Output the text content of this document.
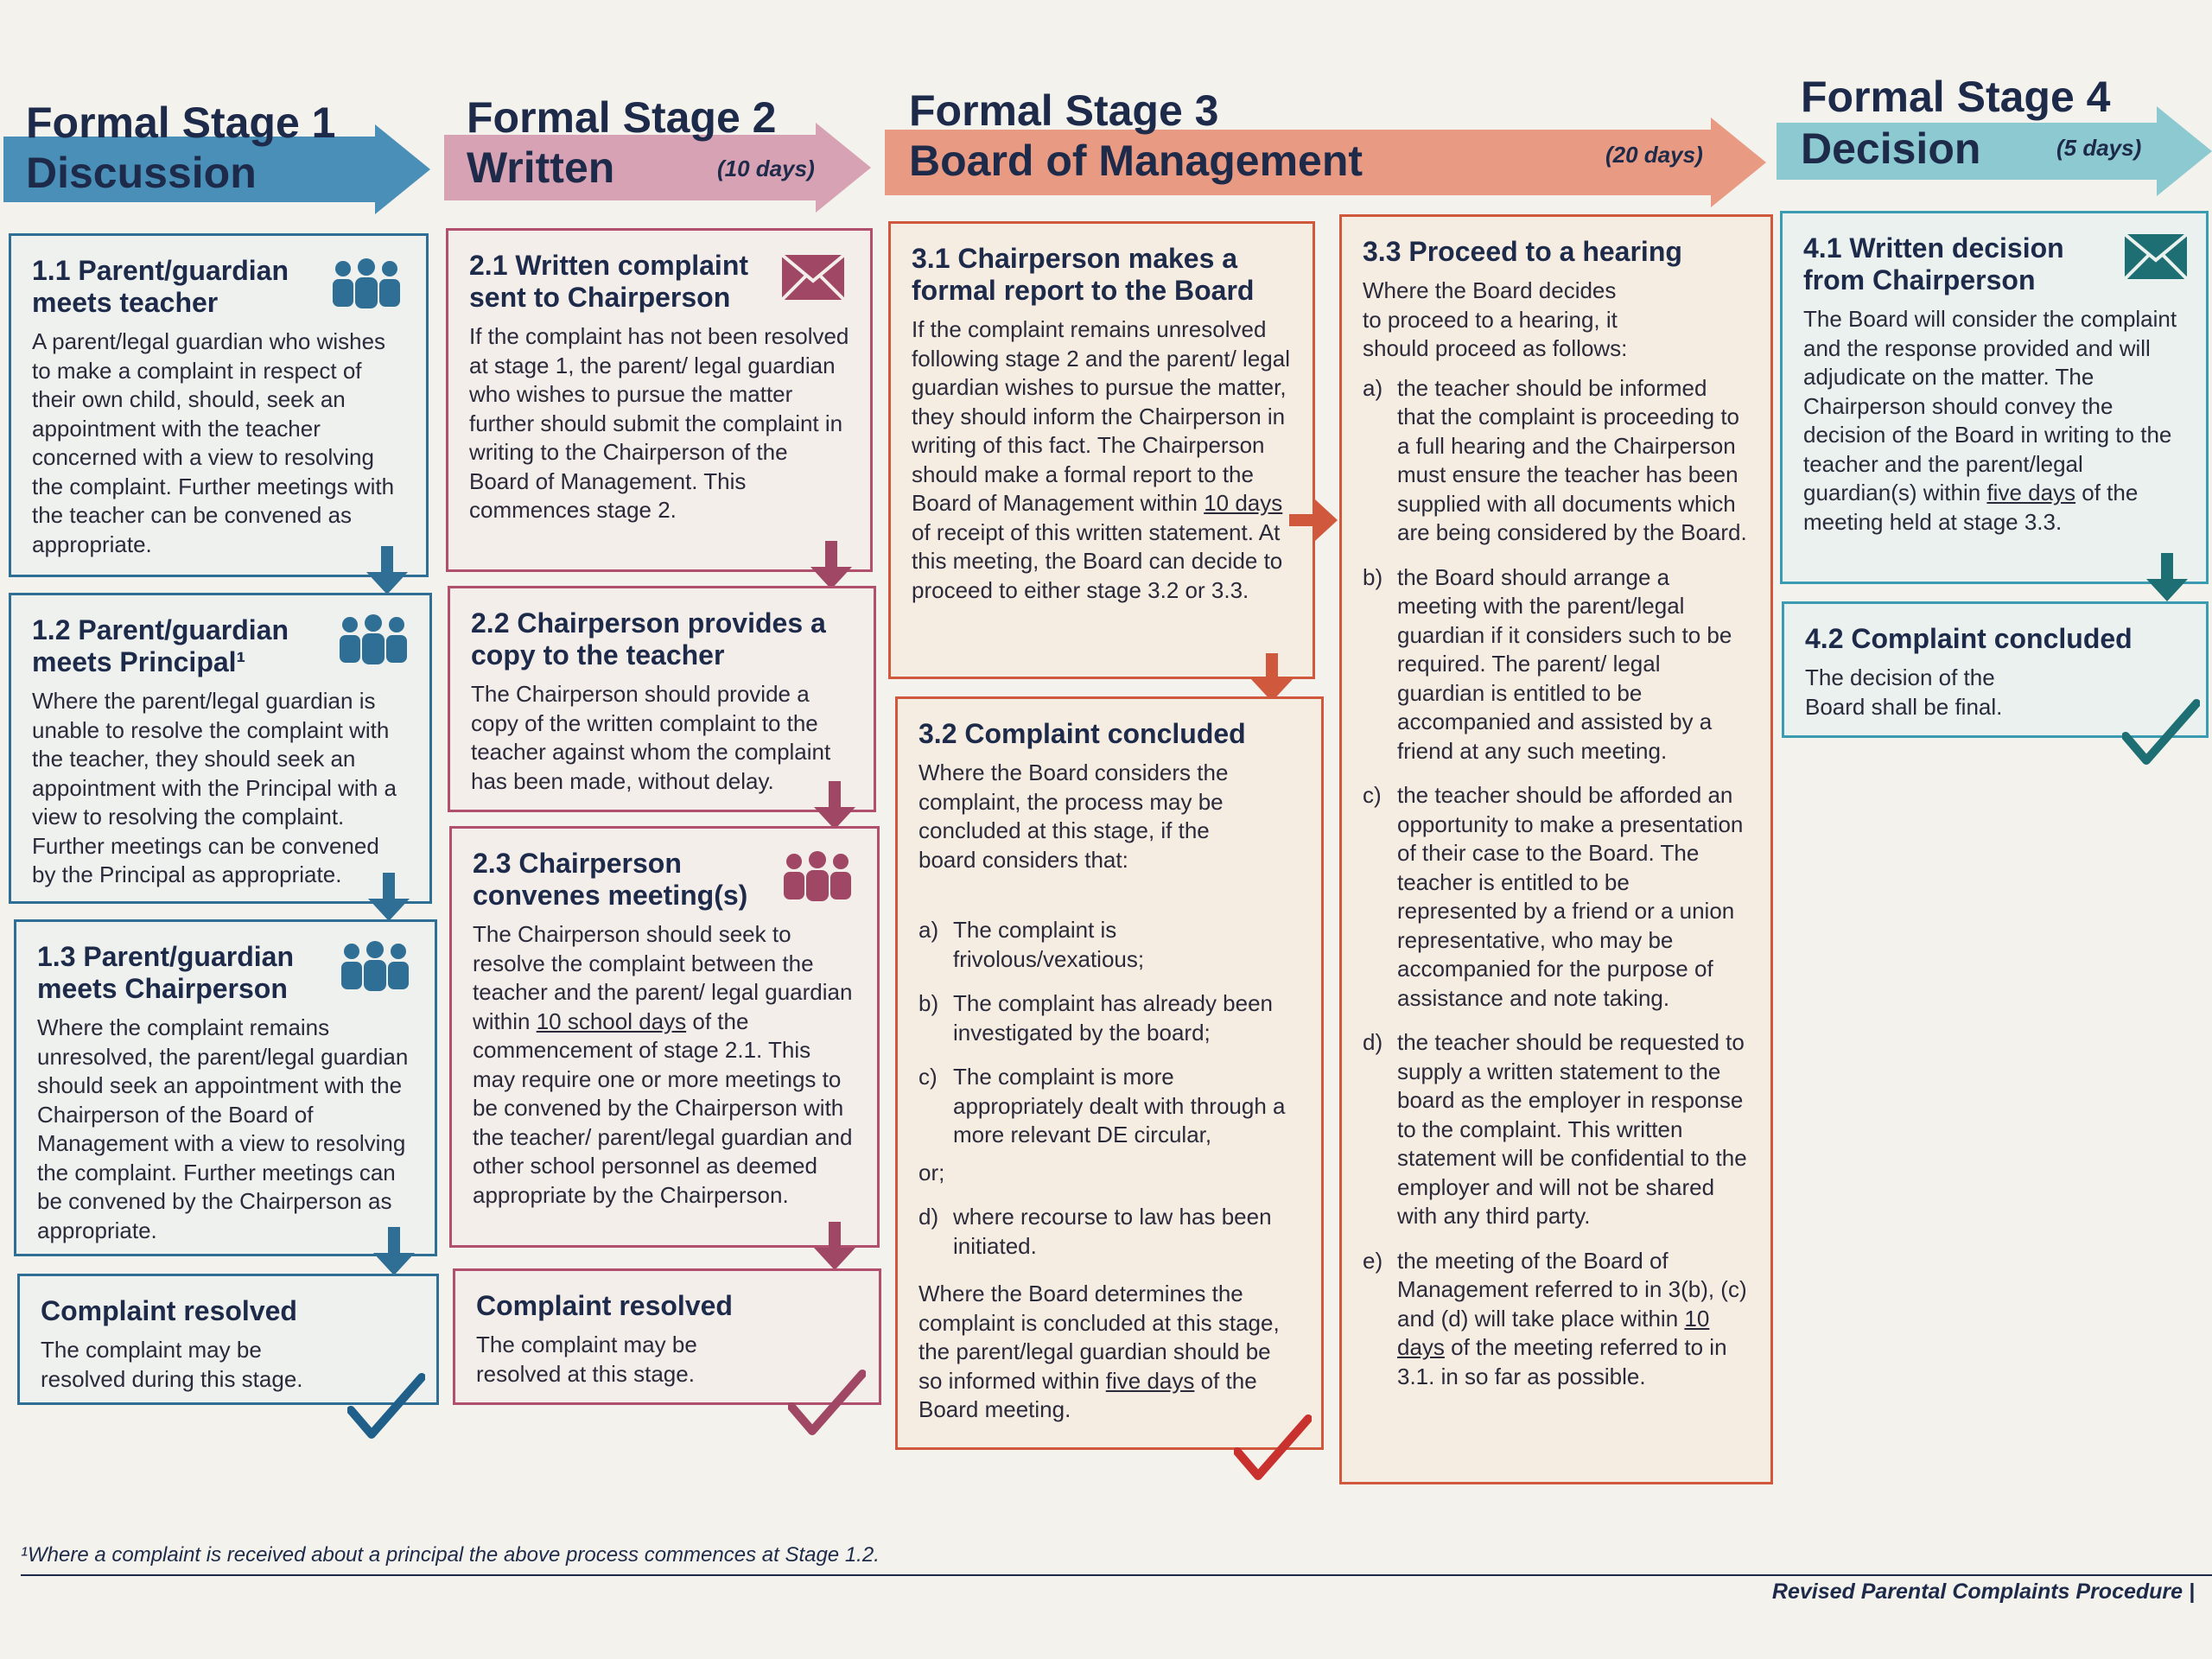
Formal Stage 1
Discussion
Formal Stage 2
Written	(10 days)
Formal Stage 3
Board of Management	(20 days)
Formal Stage 4
Decision	(5 days)
1.1 Parent/guardian meets teacher

A parent/legal guardian who wishes to make a complaint in respect of their own child, should, seek an appointment with the teacher concerned with a view to resolving the complaint. Further meetings with the teacher can be convened as appropriate.

1.2 Parent/guardian meets Principal¹

Where the parent/legal guardian is unable to resolve the complaint with the teacher, they should seek an appointment with the Principal with a view to resolving the complaint. Further meetings can be convened by the Principal as appropriate.

1.3 Parent/guardian meets Chairperson

Where the complaint remains unresolved, the parent/legal guardian should seek an appointment with the Chairperson of the Board of Management with a view to resolving the complaint. Further meetings can be convened by the Chairperson as appropriate.

Complaint resolved

The complaint may be resolved during this stage.

2.1 Written complaint sent to Chairperson

If the complaint has not been resolved at stage 1, the parent/ legal guardian who wishes to pursue the matter further should submit the complaint in writing to the Chairperson of the Board of Management. This commences stage 2.

2.2 Chairperson provides a copy to the teacher

The Chairperson should provide a copy of the written complaint to the teacher against whom the complaint has been made, without delay.

2.3 Chairperson convenes meeting(s)

The Chairperson should seek to resolve the complaint between the teacher and the parent/ legal guardian within 10 school days of the commencement of stage 2.1. This may require one or more meetings to be convened by the Chairperson with the teacher/ parent/legal guardian and other school personnel as deemed appropriate by the Chairperson.

Complaint resolved

The complaint may be resolved at this stage.

3.1 Chairperson makes a formal report to the Board

If the complaint remains unresolved following stage 2 and the parent/ legal guardian wishes to pursue the matter, they should inform the Chairperson in writing of this fact. The Chairperson should make a formal report to the Board of Management within 10 days of receipt of this written statement. At this meeting, the Board can decide to proceed to either stage 3.2 or 3.3.

3.2 Complaint concluded

Where the Board considers the complaint, the process may be concluded at this stage, if the board considers that:

a) The complaint is frivolous/vexatious;
b) The complaint has already been investigated by the board;
c) The complaint is more appropriately dealt with through a more relevant DE circular,
or;
d) where recourse to law has been initiated.

Where the Board determines the complaint is concluded at this stage, the parent/legal guardian should be so informed within five days of the Board meeting.

3.3 Proceed to a hearing

Where the Board decides to proceed to a hearing, it should proceed as follows:

a) the teacher should be informed that the complaint is proceeding to a full hearing and the Chairperson must ensure the teacher has been supplied with all documents which are being considered by the Board.
b) the Board should arrange a meeting with the parent/legal guardian if it considers such to be required. The parent/ legal guardian is entitled to be accompanied and assisted by a friend at any such meeting.
c) the teacher should be afforded an opportunity to make a presentation of their case to the Board. The teacher is entitled to be represented by a friend or a union representative, who may be accompanied for the purpose of assistance and note taking.
d) the teacher should be requested to supply a written statement to the board as the employer in response to the complaint. This written statement will be confidential to the employer and will not be shared with any third party.
e) the meeting of the Board of Management referred to in 3(b), (c) and (d) will take place within 10 days of the meeting referred to in 3.1. in so far as possible.
4.1 Written decision from Chairperson

The Board will consider the complaint and the response provided and will adjudicate on the matter. The Chairperson should convey the decision of the Board in writing to the teacher and the parent/legal guardian(s) within five days of the meeting held at stage 3.3.

4.2 Complaint concluded

The decision of the Board shall be final.

¹Where a complaint is received about a principal the above process commences at Stage 1.2.
Revised Parental Complaints Procedure |
